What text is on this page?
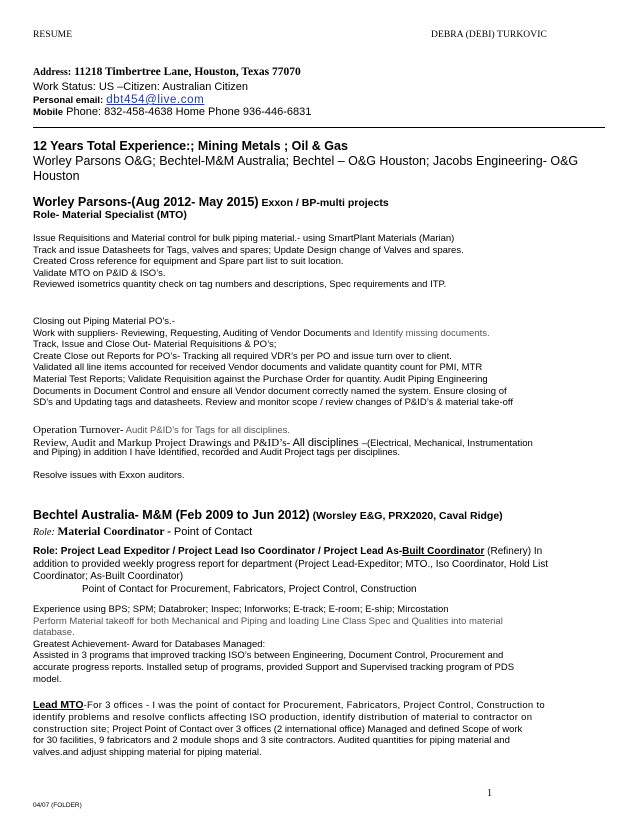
RESUME	DEBRA (DEBI) TURKOVIC
Address: 11218 Timbertree Lane, Houston, Texas 77070
Work Status: US –Citizen: Australian Citizen
Personal email: dbt454@live.com
Mobile Phone: 832-458-4638 Home Phone 936-446-6831
12 Years Total Experience:; Mining Metals ; Oil & Gas
Worley Parsons O&G; Bechtel-M&M Australia; Bechtel – O&G Houston; Jacobs Engineering- O&G
Houston
Worley Parsons-(Aug 2012- May 2015) Exxon / BP-multi projects
Role- Material Specialist (MTO)
Issue Requisitions and Material control for bulk piping material.- using SmartPlant Materials (Marian)
Track and issue Datasheets for Tags, valves and spares; Update Design change of Valves and spares.
Created Cross reference for equipment and Spare part list to suit location.
Validate MTO on P&ID & ISO’s.
Reviewed isometrics quantity check on tag numbers and descriptions, Spec requirements and ITP.
Closing out Piping Material PO’s.-
Work with suppliers- Reviewing, Requesting, Auditing of Vendor Documents and Identify missing documents.
Track, Issue and Close Out- Material Requisitions & PO’s;
Create Close out Reports for PO’s- Tracking all required VDR’s per PO and issue turn over to client.
Validated all line items accounted for received Vendor documents and validate quantity count for PMI, MTR
Material Test Reports; Validate Requisition against the Purchase Order for quantity. Audit Piping Engineering
Documents in Document Control and ensure all Vendor document correctly named the system. Ensure closing of
SD’s and Updating tags and datasheets. Review and monitor scope / review changes of P&ID’s & material take-off
Operation Turnover- Audit P&ID’s for Tags for all disciplines.
Review, Audit and Markup Project Drawings and P&ID’s- All disciplines –(Electrical, Mechanical, Instrumentation
and Piping) in addition I have Identified, recorded and Audit Project tags per disciplines.
Resolve issues with Exxon auditors.
Bechtel Australia- M&M (Feb 2009 to Jun 2012) (Worsley E&G, PRX2020, Caval Ridge)
Role: Material Coordinator - Point of Contact
Role: Project Lead Expeditor / Project Lead Iso Coordinator / Project Lead As-Built Coordinator (Refinery) In
addition to provided weekly progress report for department (Project Lead-Expeditor; MTO., Iso Coordinator, Hold List
Coordinator; As-Built Coordinator)
Point of Contact for Procurement, Fabricators, Project Control, Construction
Experience using BPS; SPM; Databroker; Inspec; Inforworks; E-track; E-room; E-ship; Mircostation
Perform Material takeoff for both Mechanical and Piping and loading Line Class Spec and Qualities into material
database.
Greatest Achievement- Award for Databases Managed:
Assisted in 3 programs that improved tracking ISO’s between Engineering, Document Control, Procurement and
accurate progress reports. Installed setup of programs, provided Support and Supervised tracking program of PDS
model.
Lead MTO-For 3 offices - I was the point of contact for Procurement, Fabricators, Project Control, Construction to
identify problems and resolve conflicts affecting ISO production, identify distribution of material to contractor on
construction site; Project Point of Contact over 3 offices (2 international office) Managed and defined Scope of work
for 30 facilities, 9 fabricators and 2 module shops and 3 site contractors. Audited quantities for piping material and
valves.and adjust shipping material for piping material.
1
04/07 (FOLDER)
